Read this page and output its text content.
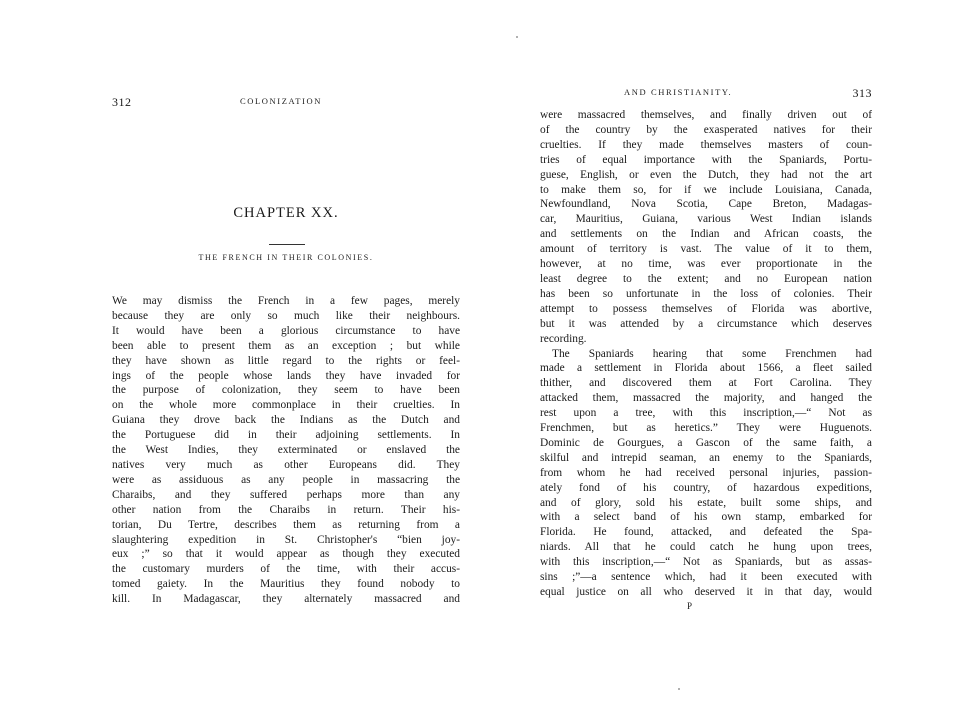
312	COLONIZATION
CHAPTER XX.
THE FRENCH IN THEIR COLONIES.

We may dismiss the French in a few pages, merely
because they are only so much like their neighbours.
It would have been a glorious circumstance to have
been able to present them as an exception ; but while
they have shown as little regard to the rights or feel-
ings of the people whose lands they have invaded for
the purpose of colonization, they seem to have been
on the whole more commonplace in their cruelties. In
Guiana they drove back the Indians as the Dutch and
the Portuguese did in their adjoining settlements. In
the West Indies, they exterminated or enslaved the
natives very much as other Europeans did. They
were as assiduous as any people in massacring the
Charaibs, and they suffered perhaps more than any
other nation from the Charaibs in return. Their his-
torian, Du Tertre, describes them as returning from a
slaughtering expedition in St. Christopher's “bien joy-
eux ;” so that it would appear as though they executed
the customary murders of the time, with their accus-
tomed gaiety. In the Mauritius they found nobody to
kill. In Madagascar, they alternately massacred and

AND CHRISTIANITY.	313

were massacred themselves, and finally driven out of
of the country by the exasperated natives for their
cruelties. If they made themselves masters of coun-
tries of equal importance with the Spaniards, Portu-
guese, English, or even the Dutch, they had not the art
to make them so, for if we include Louisiana, Canada,
Newfoundland, Nova Scotia, Cape Breton, Madagas-
car, Mauritius, Guiana, various West Indian islands
and settlements on the Indian and African coasts, the
amount of territory is vast. The value of it to them,
however, at no time, was ever proportionate in the
least degree to the extent; and no European nation
has been so unfortunate in the loss of colonies. Their
attempt to possess themselves of Florida was abortive,
but it was attended by a circumstance which deserves
recording.

The Spaniards hearing that some Frenchmen had
made a settlement in Florida about 1566, a fleet sailed
thither, and discovered them at Fort Carolina. They
attacked them, massacred the majority, and hanged the
rest upon a tree, with this inscription,—“ Not as
Frenchmen, but as heretics.” They were Huguenots.
Dominic de Gourgues, a Gascon of the same faith, a
skilful and intrepid seaman, an enemy to the Spaniards,
from whom he had received personal injuries, passion-
ately fond of his country, of hazardous expeditions,
and of glory, sold his estate, built some ships, and
with a select band of his own stamp, embarked for
Florida. He found, attacked, and defeated the Spa-
niards. All that he could catch he hung upon trees,
with this inscription,—“ Not as Spaniards, but as assas-
sins ;”—a sentence which, had it been executed with
equal justice on all who deserved it in that day, would

P
